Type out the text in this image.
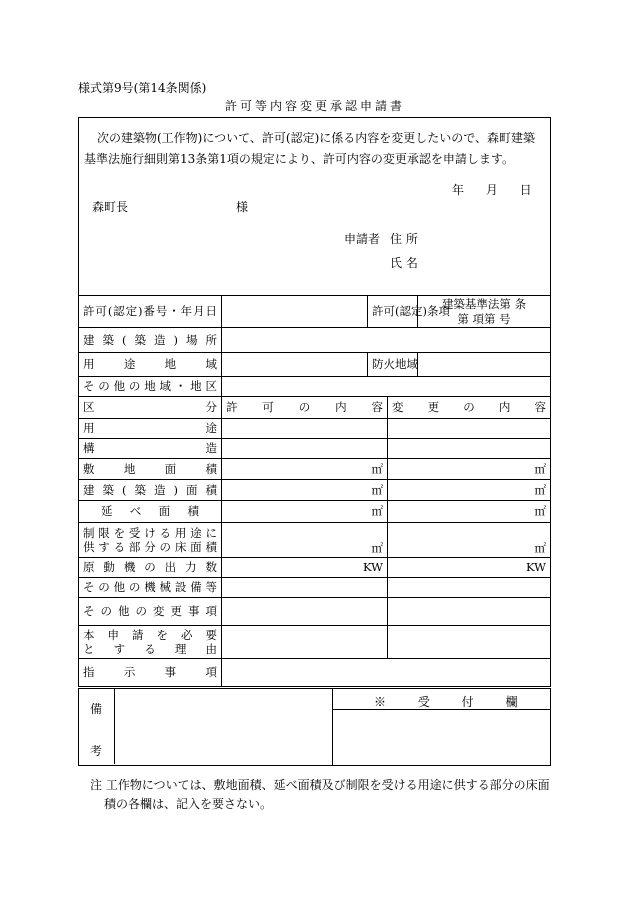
様式第9号(第14条関係)
許可等内容変更承認申請書
次の建築物(工作物)について、許可(認定)に係る内容を変更したいので、森町建築基準法施行細則第13条第1項の規定により、許可内容の変更承認を申請します。
年 月 日
森町長	様
申請者 住 所
氏 名
許可(認定)番号・年月日		許可(認定)条項		建築基準法第 条
第 項第 号

建築(築造)場所				
用途地域		防火地域		
その他の地域・地区				
区分	許可の内容		変更の内容	
用途				
構造				
敷地面積	㎡		㎡	
建築(築造)面積	㎡		㎡	
延べ面積	㎡		㎡	

制限を受ける用途に
供する部分の床面積	㎡		㎡	
原動機の出力数	KW		KW	
その他の機械設備等				
その他の変更事項				

本申請を必要
とする理由				

指示事項				
備
考
※ 受 付 欄
注 工作物については、敷地面積、延べ面積及び制限を受ける用途に供する部分の床面
積の各欄は、記入を要さない。
